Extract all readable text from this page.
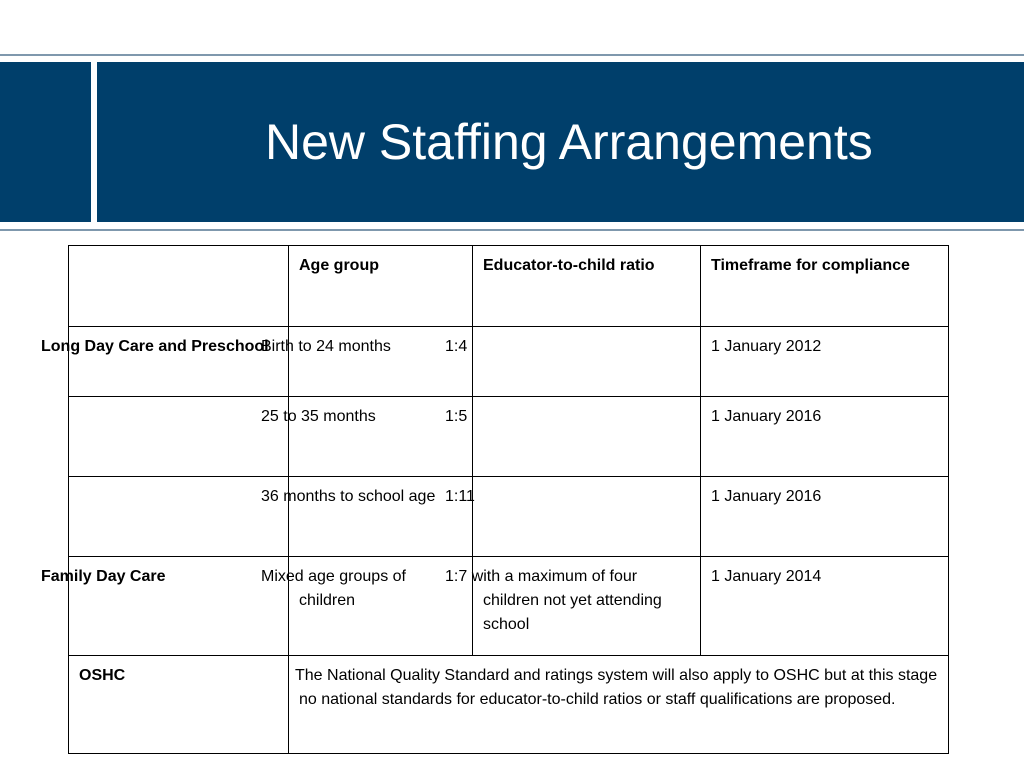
New Staffing Arrangements
	Age group	Educator-to-child ratio	Timeframe for compliance
Long Day Care and Preschool	Birth to 24 months	1:4	1 January 2012
	25 to 35 months	1:5	1 January 2016
	36 months to school age	1:11	1 January 2016
Family Day Care	Mixed age groups of children	1:7 with a maximum of four children not yet attending school	1 January 2014
OSHC	The National Quality Standard and ratings system will also apply to OSHC but at this stage no national standards for educator-to-child ratios or staff qualifications are proposed.		
